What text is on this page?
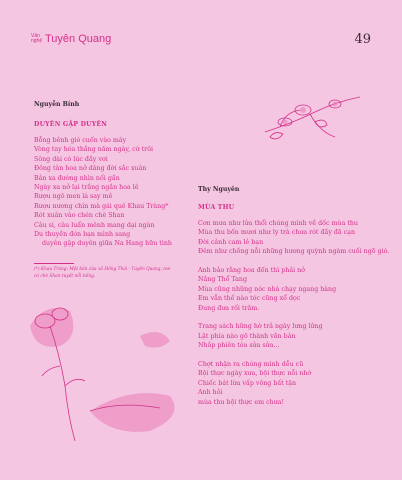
Văn nghệ Tuyên Quang	49
Nguyễn Bính
DUYÊN GẶP DUYÊN
Bỗng bênh gió cuốn vào mây
Vòng tay hóa thắng năm ngày, cứ trôi
Sông dài có lúc đầy vơi
Đông tàn hoa nở dâng đời sắc xuân
Bản xa đường nhìn nối gần
Ngày xa nở lại trắng ngần hoa lê
Rượu ngô men lá say mê
Rượu nương chín mà gái quê Khau Tràng*
Rót xuân vào chén chè Shan
Câu si, câu luẩn mênh mang dại ngàn
Du thuyền đón bạn mình sang
duyên gặp duyên giữa Na Hang hữu tình
(*) Khau Tràng: Một bản của xã Hồng Thái - Tuyên Quang, nơi có chè Shan tuyết nổi tiếng.
Thy Nguyên
MÙA THU
Cơn mưa như lửa thổi chúng mình về dốc mùa thu
Mùa thu bốn mươi như ly trà chưa rót đầy đã cạn
Đời cảnh cam lẻ bạn
Đêm như chồng nỗi những hương quỳnh ngàm cuối ngõ gió.
Anh bảo rằng hoa đến thì phải nở
Nắng Thổ Tang
Mùa cũng những nóc nhà chạy ngang hàng
Em vẫn thế nào tóc cũng xổ dọc
Đung đưa rối trăm.
Trang sách hững hờ trả ngày lưng lửng
Lật phía nào gõ thành vần bản
Nhắp phiên tóa sửa sửa...
Chợt nhận ra chúng mình dễu cũ
Bội thực ngày xưa, bội thực nỗi nhớ
Chiếc bát lừa vấp vông bất tận
Anh hỏi
mùa thu bội thực em chưa!
